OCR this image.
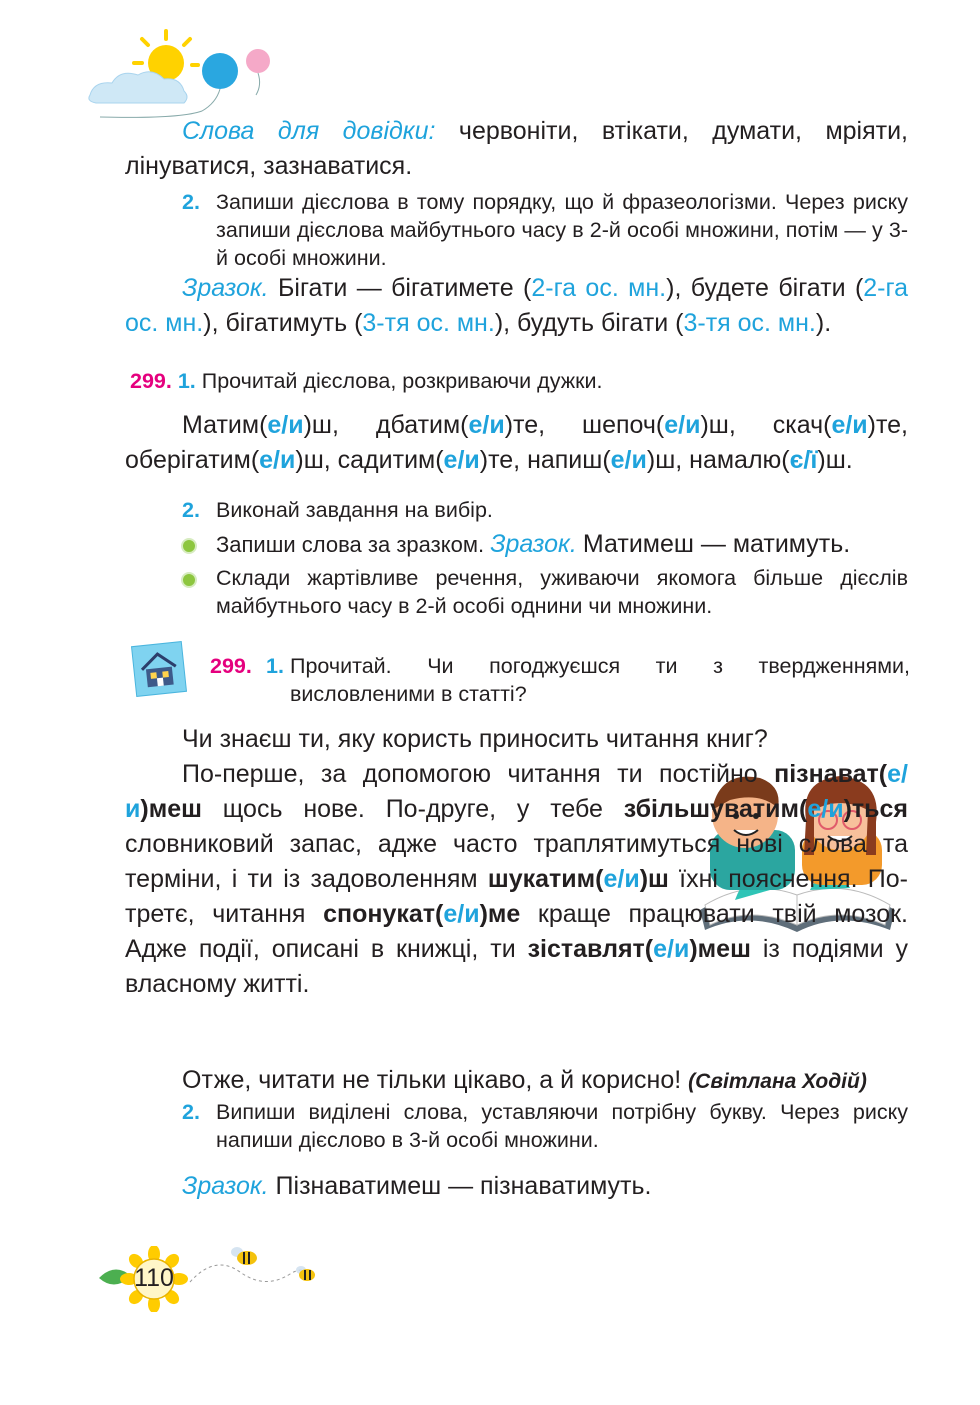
Слова для довідки: червоніти, втікати, думати, мріяти, лінуватися, зазнаватися.
2. Запиши дієслова в тому порядку, що й фразеологізми. Через риску запиши дієслова майбутнього часу в 2-й особі множини, потім — у 3-й особі множини.
Зразок. Бігати — бігатимете (2-га ос. мн.), будете бігати (2-га ос. мн.), бігатимуть (3-тя ос. мн.), будуть бігати (3-тя ос. мн.).
299. 1. Прочитай дієслова, розкриваючи дужки.
Матим(е/и)ш, дбатим(е/и)те, шепоч(е/и)ш, скач(е/и)те, оберігатим(е/и)ш, садитим(е/и)те, напиш(е/и)ш, намалю(є/ї)ш.
2. Виконай завдання на вибір.
Запиши слова за зразком. Зразок. Матимеш — матимуть.
Склади жартівливе речення, уживаючи якомога більше дієслів майбутнього часу в 2-й особі однини чи множини.
299. 1. Прочитай. Чи погоджуєшся ти з твердженнями, висловленими в статті?
Чи знаєш ти, яку користь приносить читання книг?
По-перше, за допомогою читання ти постійно пізнават(е/и)меш щось нове. По-друге, у тебе збільшуватим(е/и)ться словниковий запас, адже часто траплятимуться нові слова та терміни, і ти із задоволенням шукатим(е/и)ш їхні пояснення. По-третє, читання спонукат(е/и)ме краще працювати твій мозок. Адже події, описані в книжці, ти зіставлят(е/и)меш із подіями у власному житті.
Отже, читати не тільки цікаво, а й корисно! (Світлана Ходій)
2. Випиши виділені слова, уставляючи потрібну букву. Через риску напиши дієслово в 3-й особі множини.
Зразок. Пізнаватимеш — пізнаватимуть.
110
